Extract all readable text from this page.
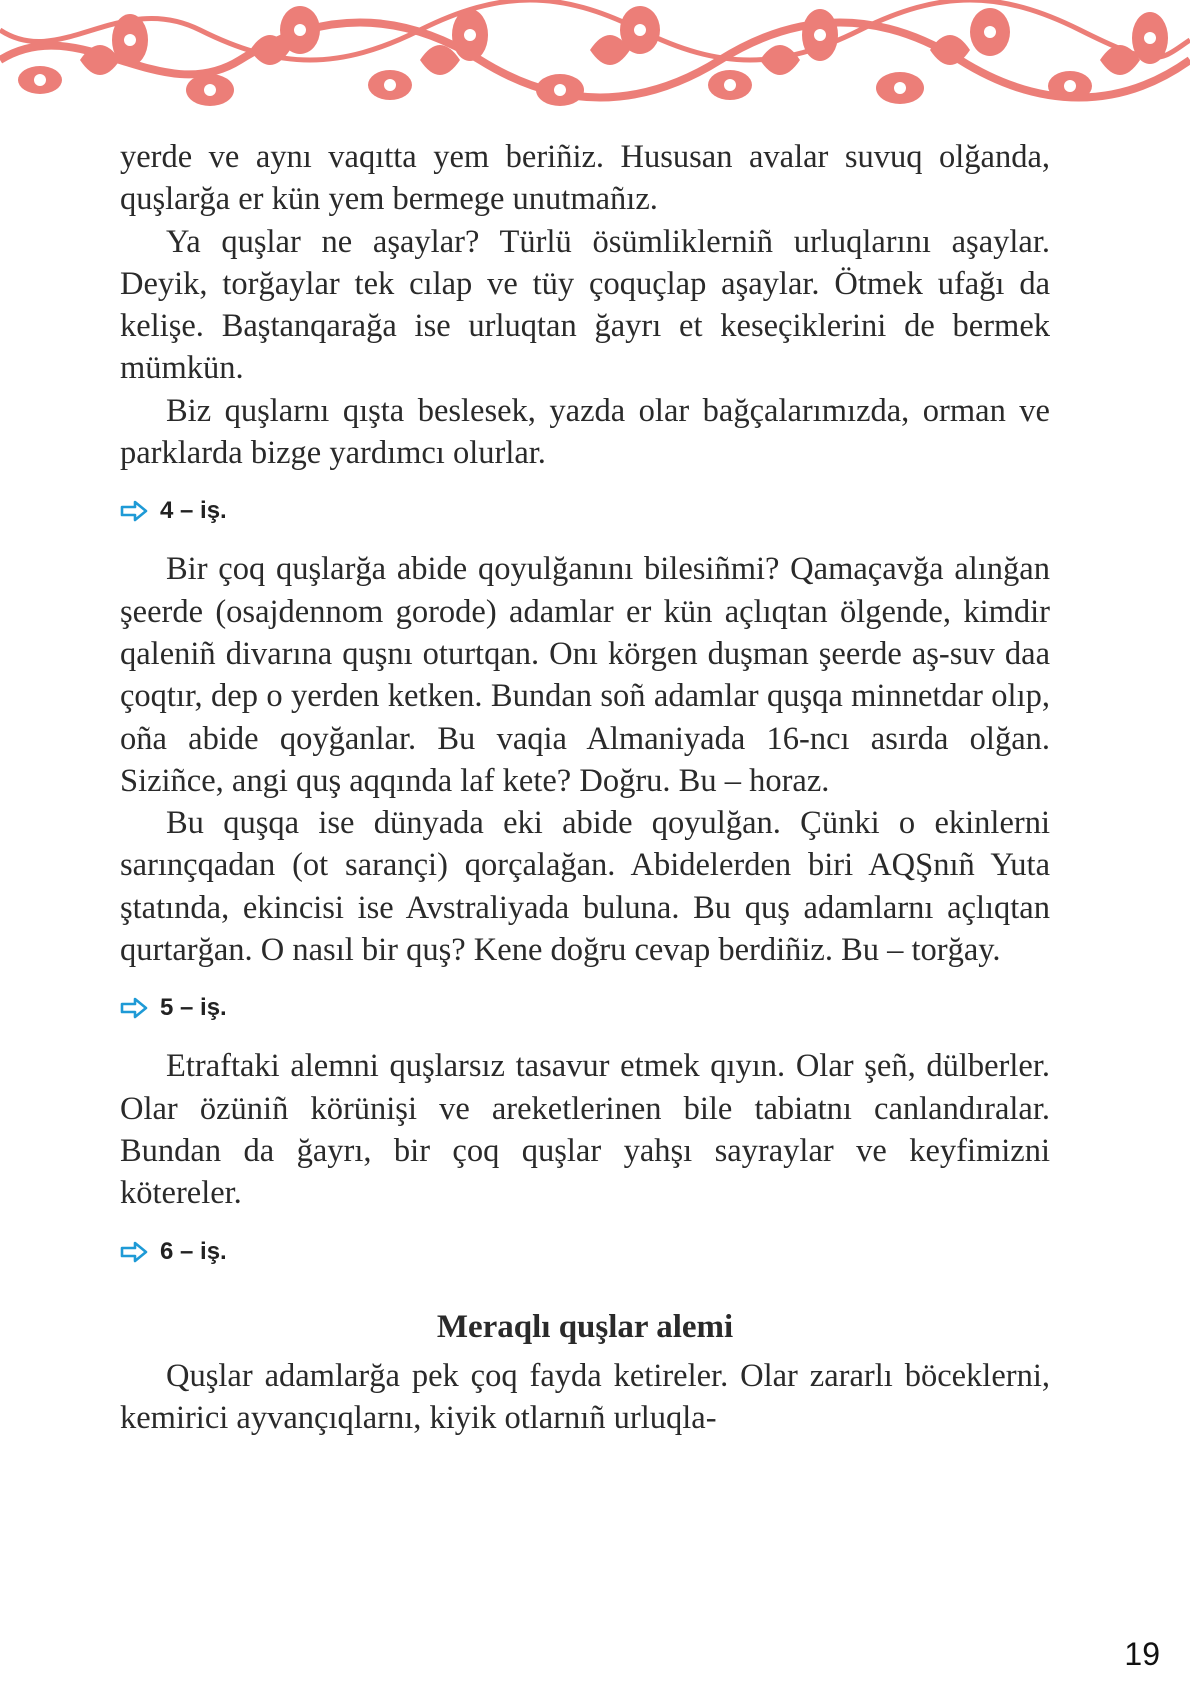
yerde ve aynı vaqıtta yem beriñiz. Hususan avalar suvuq olğanda, quşlarğa er kün yem bermege unutmañız.

Ya quşlar ne aşaylar? Türlü ösümliklerniñ urluqlarını aşaylar. Deyik, torğaylar tek cılap ve tüy çoquçlap aşaylar. Ötmek ufağı da kelişe. Baştanqarağa ise urluqtan ğayrı et keseçiklerini de bermek mümkün.

Biz quşlarnı qışta beslesek, yazda olar bağçalarımızda, orman ve parklarda bizge yardımcı olurlar.

4 – iş.

Bir çoq quşlarğa abide qoyulğanını bilesiñmi? Qamaçavğa alınğan şeerde (osajdennom gorode) adamlar er kün açlıqtan ölgende, kimdir qaleniñ divarına quşnı oturtqan. Onı körgen duşman şeerde aş-suv daa çoqtır, dep o yerden ketken. Bundan soñ adamlar quşqa minnetdar olıp, oña abide qoyğanlar. Bu vaqia Almaniyada 16-ncı asırda olğan. Siziñce, angi quş aqqında laf kete? Doğru. Bu – horaz.

Bu quşqa ise dünyada eki abide qoyulğan. Çünki o ekinlerni sarınçqadan (ot sarançi) qorçalağan. Abidelerden biri AQŞnıñ Yuta ştatında, ekincisi ise Avstraliyada buluna. Bu quş adamlarnı açlıqtan qurtarğan. O nasıl bir quş? Kene doğru cevap berdiñiz. Bu – torğay.

5 – iş.

Etraftaki alemni quşlarsız tasavur etmek qıyın. Olar şeñ, dülberler. Olar özüniñ körünişi ve areketlerinen bile tabiatnı canlandıralar. Bundan da ğayrı, bir çoq quşlar yahşı sayraylar ve keyfimizni kötereler.

6 – iş.
Meraqlı quşlar alemi

Quşlar adamlarğa pek çoq fayda ketireler. Olar zararlı böceklerni, kemirici ayvançıqlarnı, kiyik otlarnıñ urluqla-

19
